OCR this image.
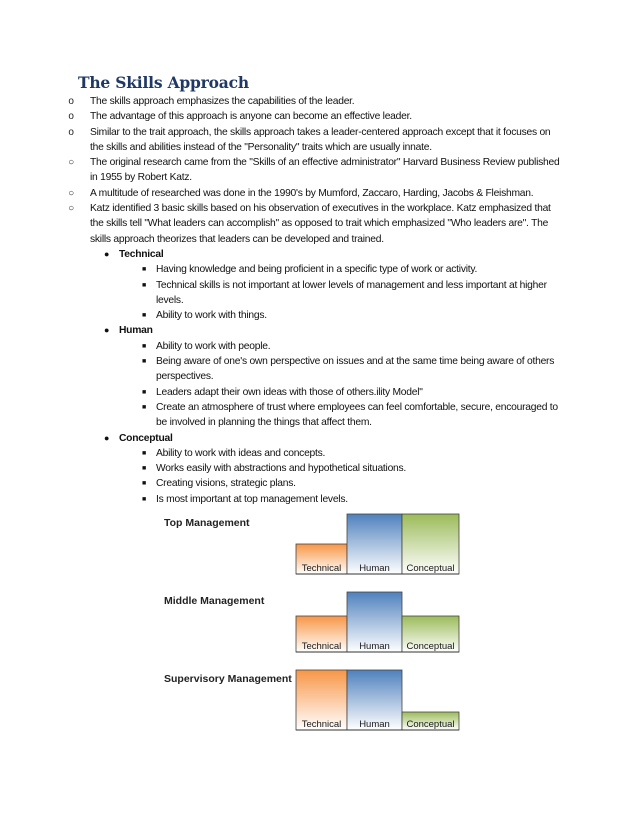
The Skills Approach
o The skills approach emphasizes the capabilities of the leader.
o The advantage of this approach is anyone can become an effective leader.
o Similar to the trait approach, the skills approach takes a leader-centered approach except that it focuses on the skills and abilities instead of the "Personality" traits which are usually innate.
○ The original research came from the "Skills of an effective administrator" Harvard Business Review published in 1955 by Robert Katz.
○ A multitude of researched was done in the 1990's by Mumford, Zaccaro, Harding, Jacobs & Fleishman.
○ Katz identified 3 basic skills based on his observation of executives in the workplace. Katz emphasized that the skills tell "What leaders can accomplish" as opposed to trait which emphasized "Who leaders are". The skills approach theorizes that leaders can be developed and trained.
● Technical
■ Having knowledge and being proficient in a specific type of work or activity.
■ Technical skills is not important at lower levels of management and less important at higher levels.
■ Ability to work with things.
● Human
■ Ability to work with people.
■ Being aware of one's own perspective on issues and at the same time being aware of others perspectives.
■ Leaders adapt their own ideas with those of others.ility Model"
■ Create an atmosphere of trust where employees can feel comfortable, secure, encouraged to be involved in planning the things that affect them.
● Conceptual
■ Ability to work with ideas and concepts.
■ Works easily with abstractions and hypothetical situations.
■ Creating visions, strategic plans.
■ Is most important at top management levels.
Top Management
Technical Human Conceptual
Middle Management
Technical Human Conceptual
Supervisory Management
Technical Human Conceptual
